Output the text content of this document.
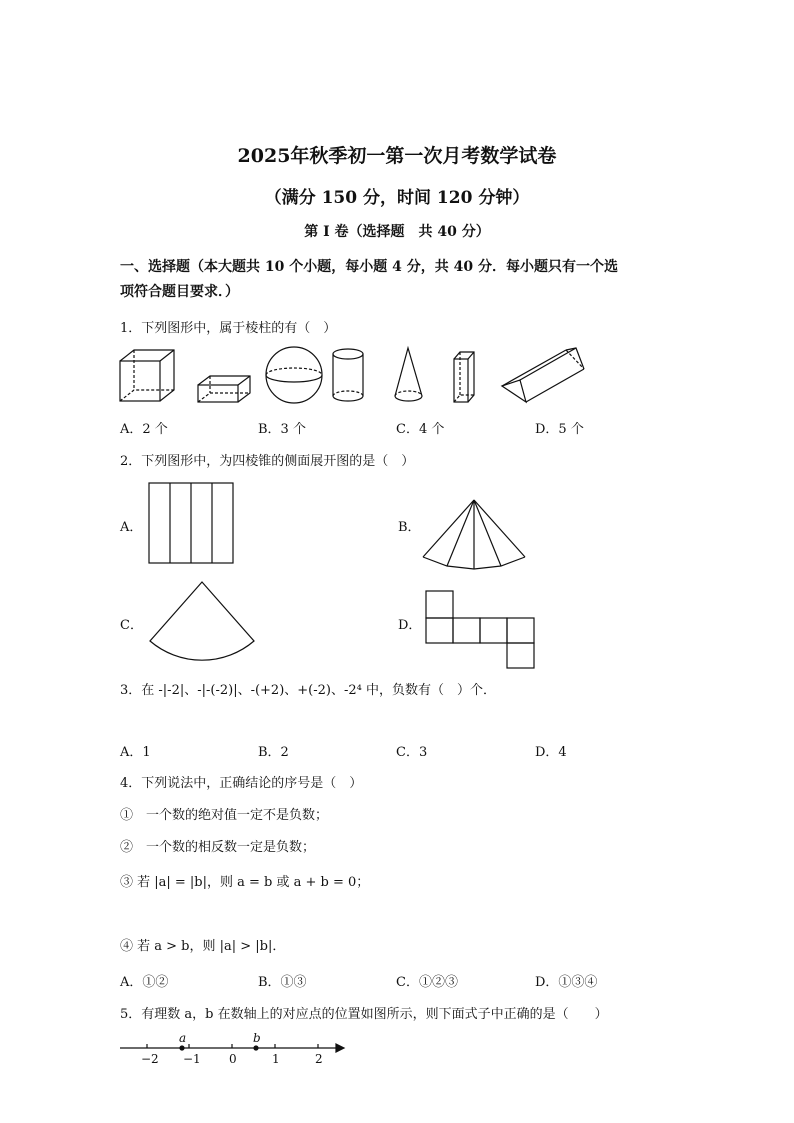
2025年秋季初一第一次月考数学试卷
（满分 150 分，时间 120 分钟）
第 I 卷（选择题　共 40 分）
一、选择题（本大题共 10 个小题，每小题 4 分，共 40 分．每小题只有一个选
项符合题目要求．）
1．下列图形中，属于棱柱的有（　）
A．2 个	B．3 个	C．4 个	D．5 个
2．下列图形中，为四棱锥的侧面展开图的是（　）
A．	B．
C．	D．
3．在 -|-2|、-|-(-2)|、-(+2)、+(-2)、-2⁴ 中，负数有（　）个．
A．1	B．2	C．3	D．4
4．下列说法中，正确结论的序号是（　）
①　一个数的绝对值一定不是负数；
②　一个数的相反数一定是负数；
③ 若 |a| = |b|，则 a = b 或 a + b = 0；
④ 若 a > b，则 |a| > |b|．
A．①②	B．①③	C．①②③	D．①③④
5．有理数 a，b 在数轴上的对应点的位置如图所示，则下面式子中正确的是（　　）
−2 −1 0	1	2
a	b
